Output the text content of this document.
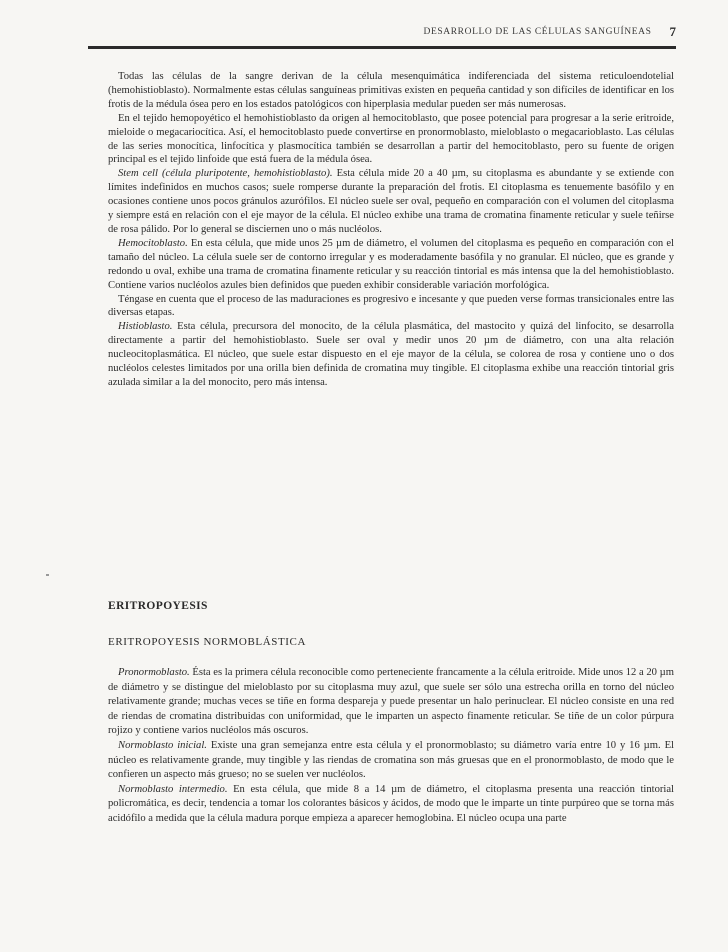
DESARROLLO DE LAS CÉLULAS SANGUÍNEAS 7

Todas las células de la sangre derivan de la célula mesenquimática indiferenciada del sistema reticuloendotelial (hemohistioblasto). Normalmente estas células sanguíneas primitivas existen en pequeña cantidad y son difíciles de identificar en los frotis de la médula ósea pero en los estados patológicos con hiperplasia medular pueden ser más numerosas.

En el tejido hemopoyético el hemohistioblasto da origen al hemocitoblasto, que posee potencial para progresar a la serie eritroide, mieloide o megacariocítica. Así, el hemocitoblasto puede convertirse en pronormoblasto, mieloblasto o megacarioblasto. Las células de las series monocítica, linfocítica y plasmocítica también se desarrollan a partir del hemocitoblasto, pero su fuente de origen principal es el tejido linfoide que está fuera de la médula ósea.

Stem cell (célula pluripotente, hemohistioblasto). Esta célula mide 20 a 40 µm, su citoplasma es abundante y se extiende con límites indefinidos en muchos casos; suele romperse durante la preparación del frotis. El citoplasma es tenuemente basófilo y en ocasiones contiene unos pocos gránulos azurófilos. El núcleo suele ser oval, pequeño en comparación con el volumen del citoplasma y siempre está en relación con el eje mayor de la célula. El núcleo exhibe una trama de cromatina finamente reticular y suele teñirse de rosa pálido. Por lo general se disciernen uno o más nucléolos.

Hemocitoblasto. En esta célula, que mide unos 25 µm de diámetro, el volumen del citoplasma es pequeño en comparación con el tamaño del núcleo. La célula suele ser de contorno irregular y es moderadamente basófila y no granular. El núcleo, que es grande y redondo u oval, exhibe una trama de cromatina finamente reticular y su reacción tintorial es más intensa que la del hemohistioblasto. Contiene varios nucléolos azules bien definidos que pueden exhibir considerable variación morfológica.

Téngase en cuenta que el proceso de las maduraciones es progresivo e incesante y que pueden verse formas transicionales entre las diversas etapas.

Histioblasto. Esta célula, precursora del monocito, de la célula plasmática, del mastocito y quizá del linfocito, se desarrolla directamente a partir del hemohistioblasto. Suele ser oval y medir unos 20 µm de diámetro, con una alta relación nucleocitoplasmática. El núcleo, que suele estar dispuesto en el eje mayor de la célula, se colorea de rosa y contiene uno o dos nucléolos celestes limitados por una orilla bien definida de cromatina muy tingible. El citoplasma exhibe una reacción tintorial gris azulada similar a la del monocito, pero más intensa.

ERITROPOYESIS
ERITROPOYESIS NORMOBLÁSTICA

Pronormoblasto. Ésta es la primera célula reconocible como perteneciente francamente a la célula eritroide. Mide unos 12 a 20 µm de diámetro y se distingue del mieloblasto por su citoplasma muy azul, que suele ser sólo una estrecha orilla en torno del núcleo relativamente grande; muchas veces se tiñe en forma despareja y puede presentar un halo perinuclear. El núcleo consiste en una red de riendas de cromatina distribuidas con uniformidad, que le imparten un aspecto finamente reticular. Se tiñe de un color púrpura rojizo y contiene varios nucléolos más oscuros.

Normoblasto inicial. Existe una gran semejanza entre esta célula y el pronormoblasto; su diámetro varía entre 10 y 16 µm. El núcleo es relativamente grande, muy tingible y las riendas de cromatina son más gruesas que en el pronormoblasto, de modo que le confieren un aspecto más grueso; no se suelen ver nucléolos.

Normoblasto intermedio. En esta célula, que mide 8 a 14 µm de diámetro, el citoplasma presenta una reacción tintorial policromática, es decir, tendencia a tomar los colorantes básicos y ácidos, de modo que le imparte un tinte purpúreo que se torna más acidófilo a medida que la célula madura porque empieza a aparecer hemoglobina. El núcleo ocupa una parte
